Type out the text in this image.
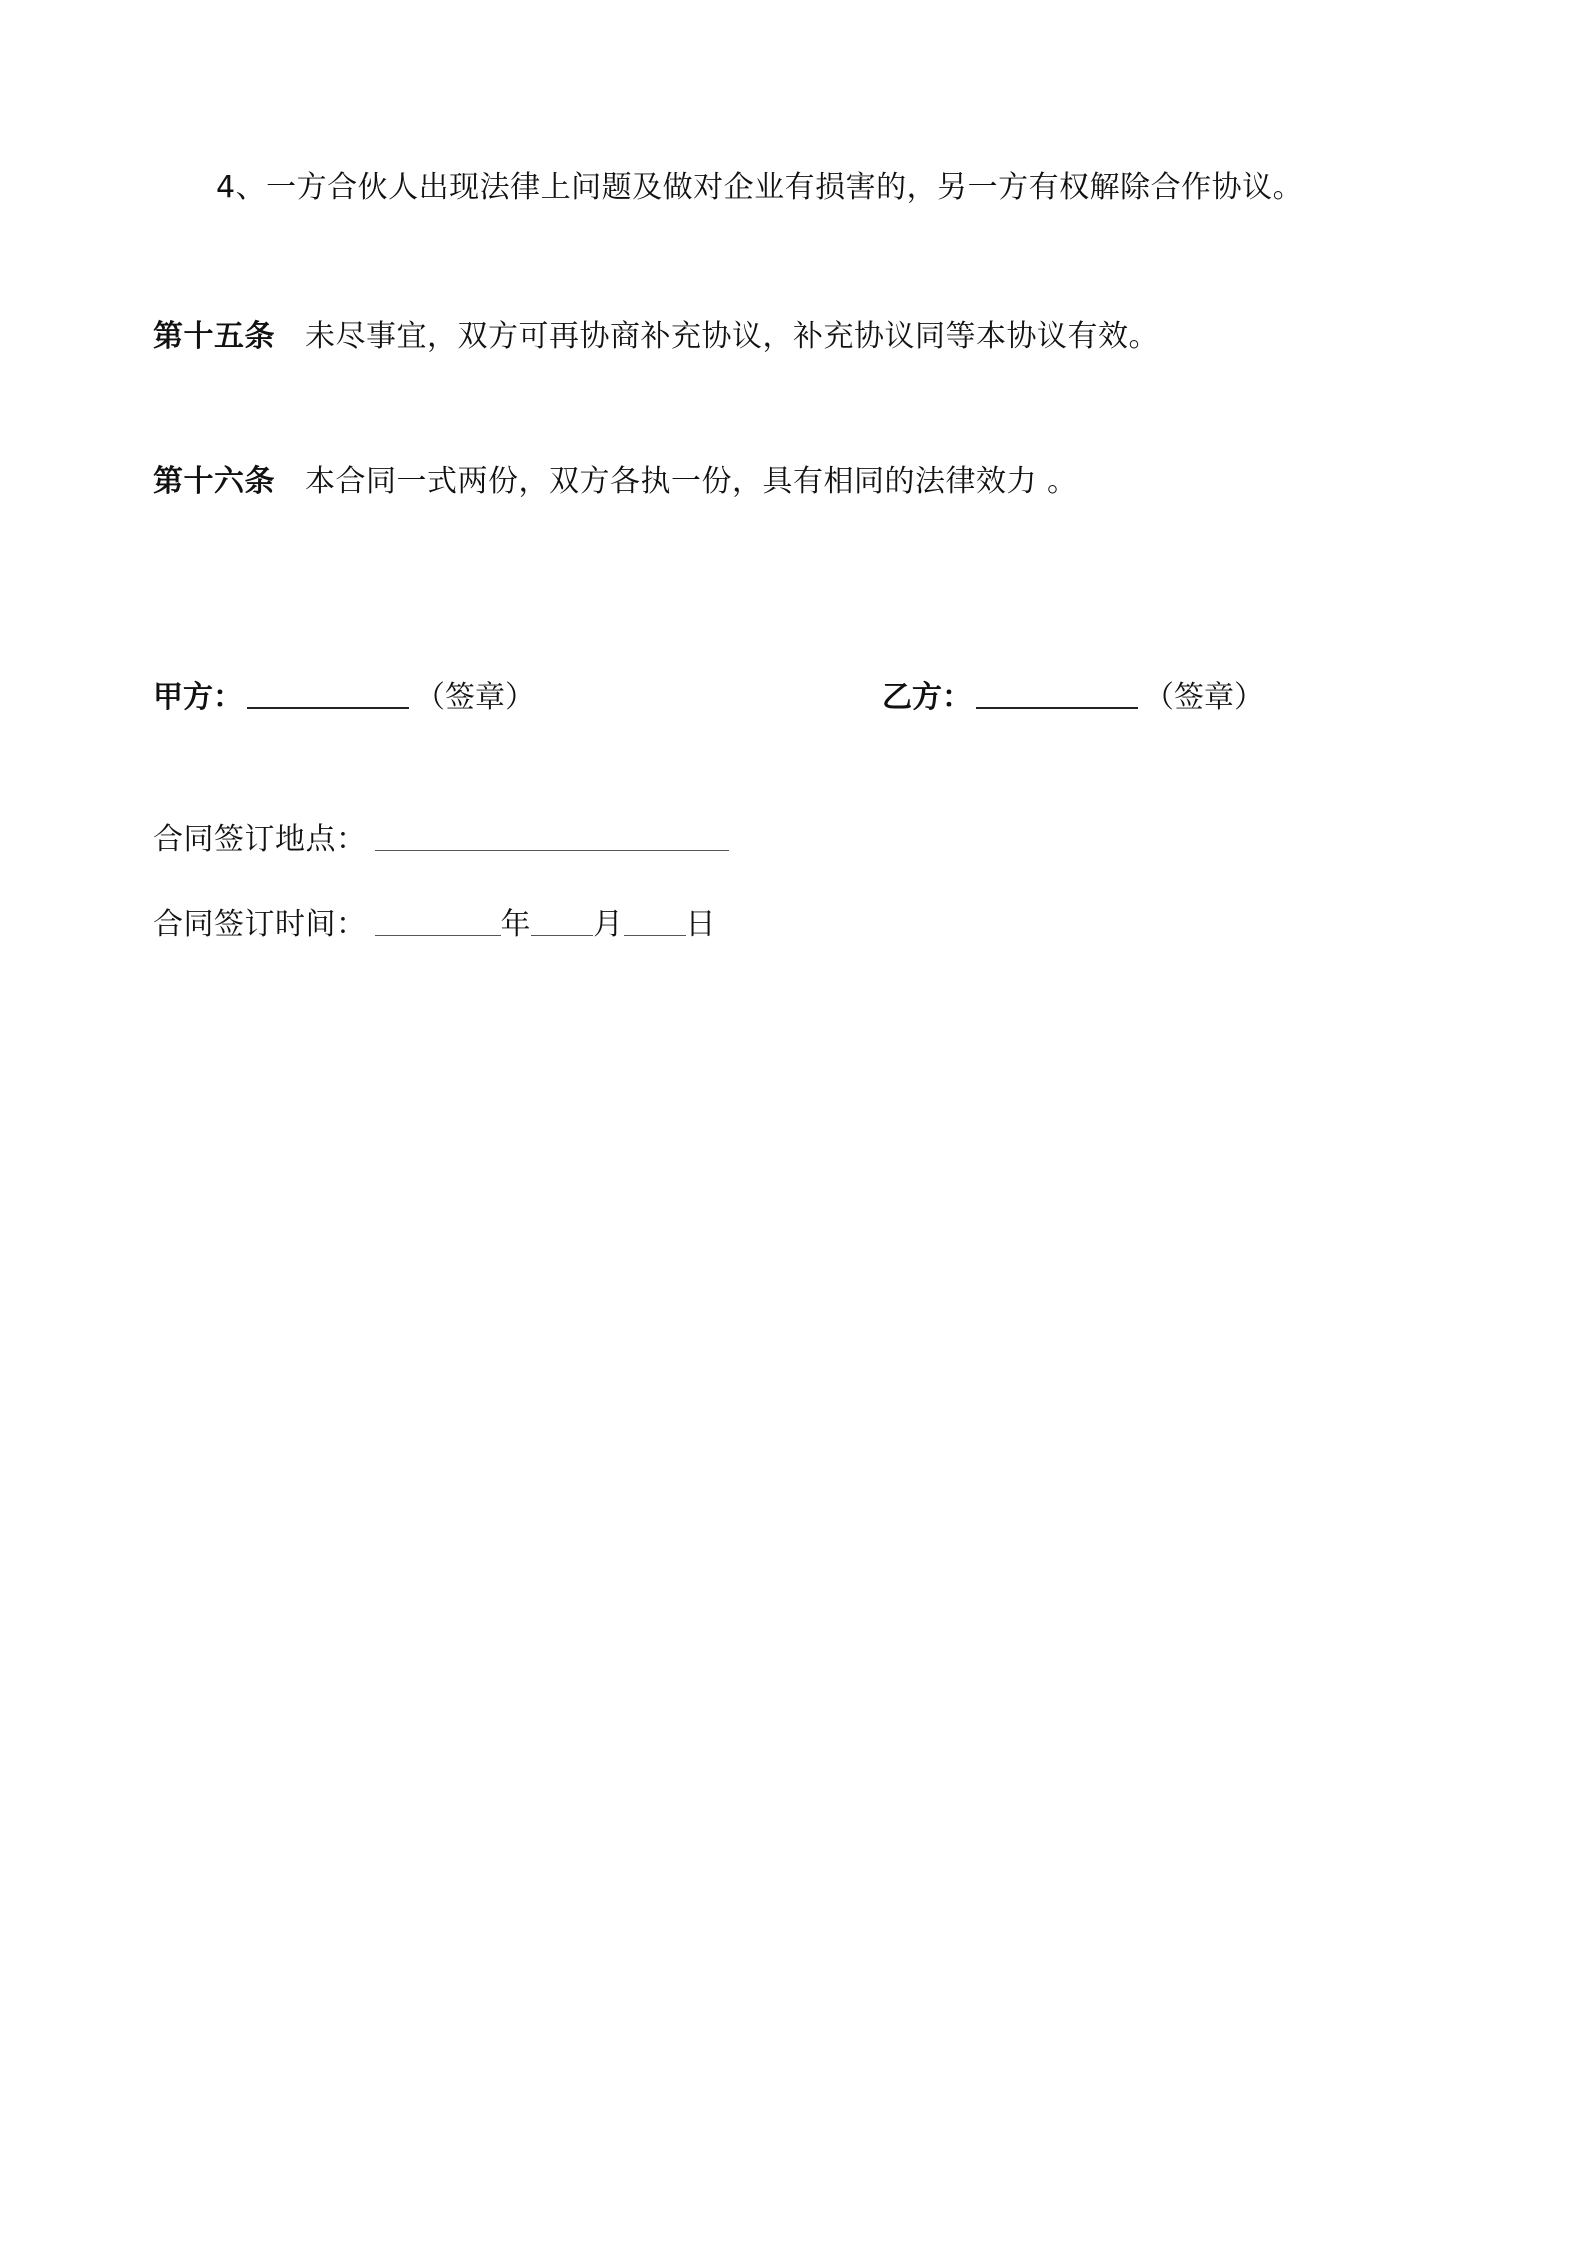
4、一方合伙人出现法律上问题及做对企业有损害的，另一方有权解除合作协议。
第十五条 未尽事宜，双方可再协商补充协议，补充协议同等本协议有效。
第十六条 本合同一式两份，双方各执一份，具有相同的法律效力 。
甲方：	（签章）	乙方：	（签章）
合同签订地点：
合同签订时间：	年 月 日
